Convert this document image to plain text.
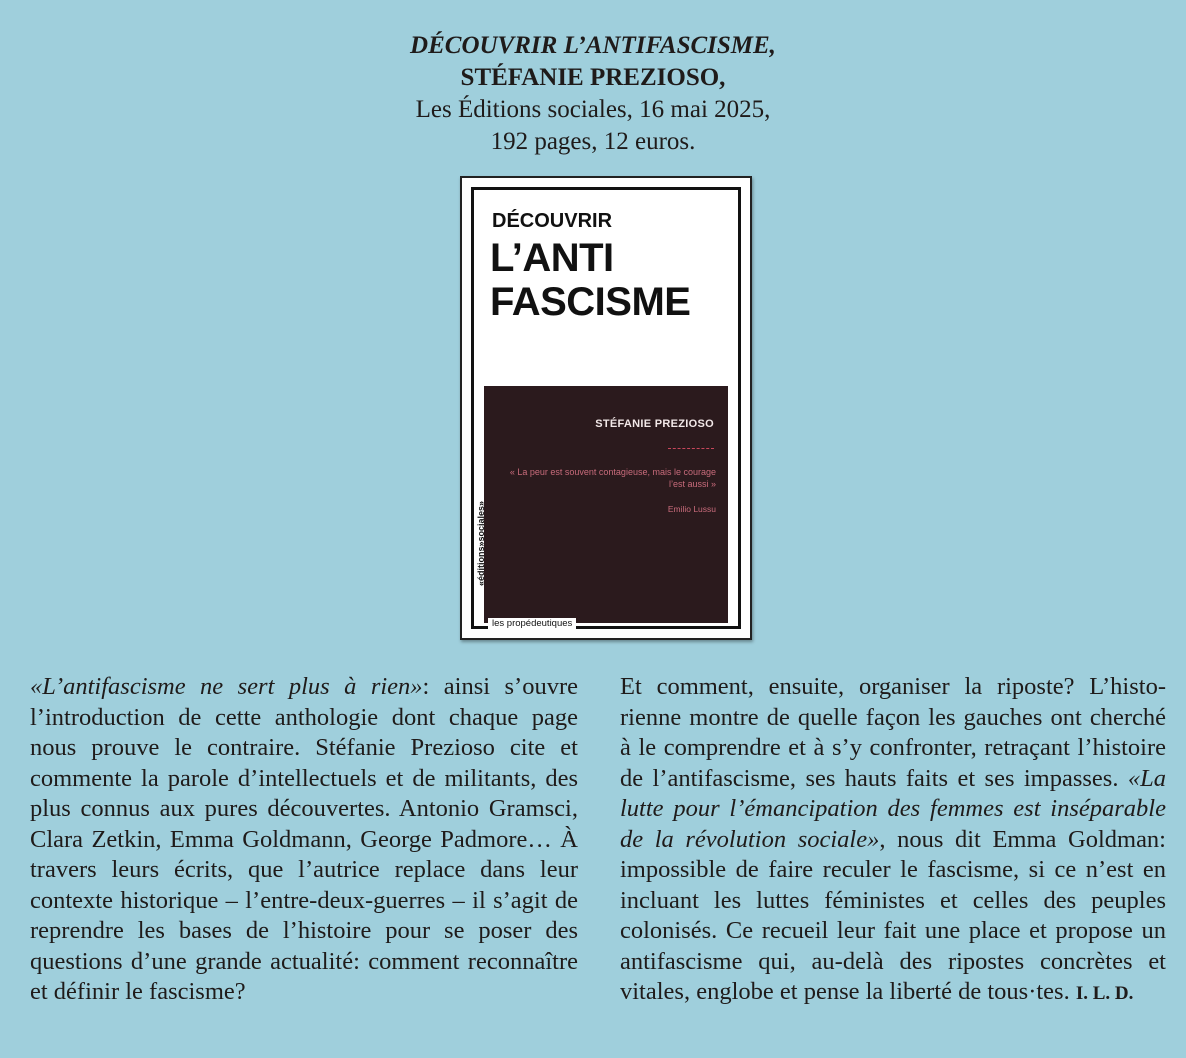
DÉCOUVRIR L’ANTIFASCISME,
STÉFANIE PREZIOSO,
Les Éditions sociales, 16 mai 2025,
192 pages, 12 euros.
DÉCOUVRIR
L’ANTI
FASCISME
STÉFANIE PREZIOSO
« La peur est souvent contagieuse, mais le courage l’est aussi »
Emilio Lussu
«éditions»sociales»
les propédeutiques

«L’antifascisme ne sert plus à rien»: ainsi s’ouvre l’introduction de cette anthologie dont chaque page nous prouve le contraire. Stéfanie Prezioso cite et commente la parole d’intellectuels et de militants, des plus connus aux pures découvertes. Antonio Gramsci, Clara Zetkin, Emma Goldmann, George Padmore… À travers leurs écrits, que l’autrice replace dans leur contexte historique – l’entre-deux-guerres – il s’agit de reprendre les bases de l’histoire pour se poser des questions d’une grande actualité: comment reconnaître et définir le fascisme?

Et comment, ensuite, organiser la riposte? L’historienne montre de quelle façon les gauches ont cherché à le comprendre et à s’y confronter, retraçant l’histoire de l’antifascisme, ses hauts faits et ses impasses. «La lutte pour l’émancipation des femmes est inséparable de la révolution sociale», nous dit Emma Goldman: impossible de faire reculer le fascisme, si ce n’est en incluant les luttes féministes et celles des peuples colonisés. Ce recueil leur fait une place et propose un antifascisme qui, au-delà des ripostes concrètes et vitales, englobe et pense la liberté de tous·tes. I. L. D.
